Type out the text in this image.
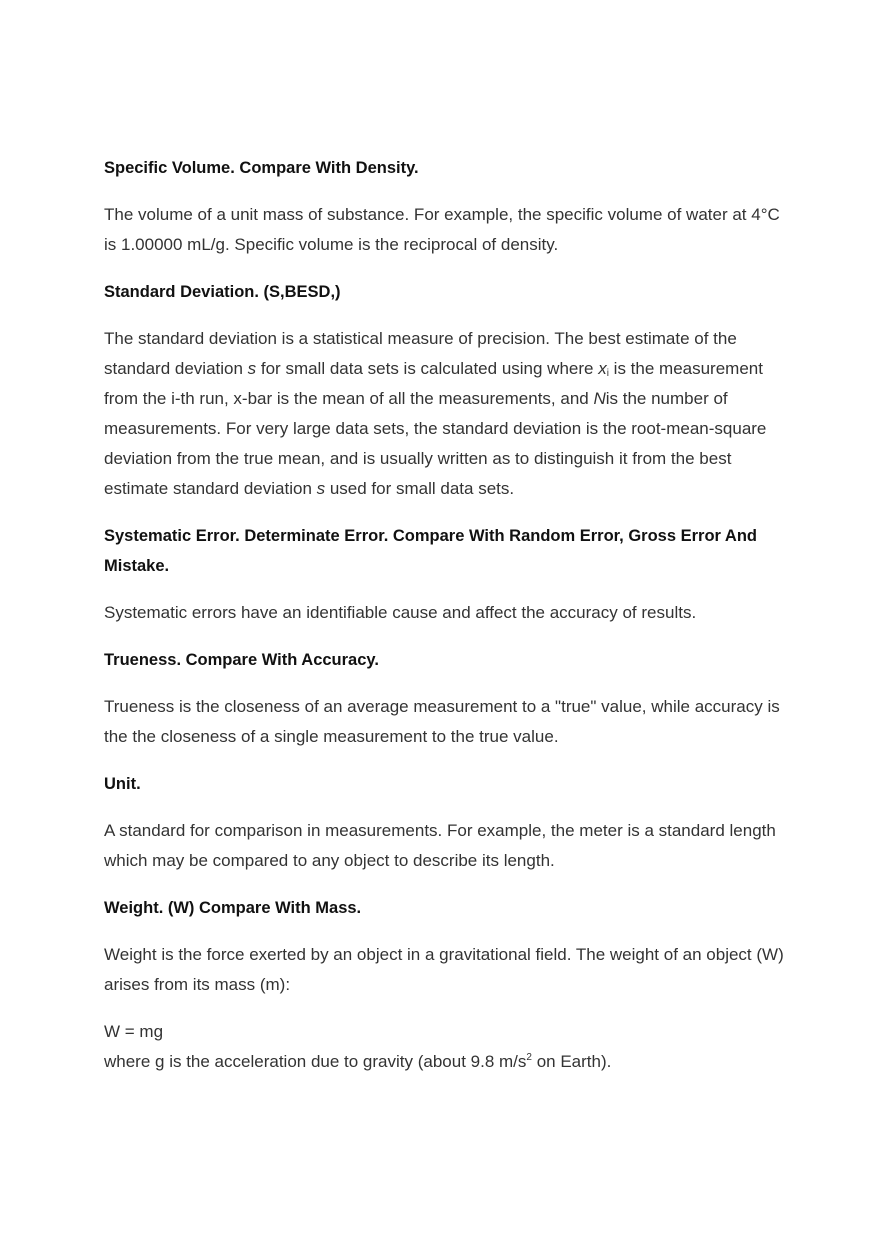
Specific Volume. Compare With Density.
The volume of a unit mass of substance. For example, the specific volume of water at 4°C is 1.00000 mL/g. Specific volume is the reciprocal of density.
Standard Deviation. (S,BESD,)
The standard deviation is a statistical measure of precision. The best estimate of the standard deviation s for small data sets is calculated using where $x_i$ is the measurement from the i-th run, x-bar is the mean of all the measurements, and Nis the number of measurements. For very large data sets, the standard deviation is the root-mean-square deviation from the true mean, and is usually written as to distinguish it from the best estimate standard deviation s used for small data sets.
Systematic Error. Determinate Error. Compare With Random Error, Gross Error And Mistake.
Systematic errors have an identifiable cause and affect the accuracy of results.
Trueness. Compare With Accuracy.
Trueness is the closeness of an average measurement to a "true" value, while accuracy is the the closeness of a single measurement to the true value.
Unit.
A standard for comparison in measurements. For example, the meter is a standard length which may be compared to any object to describe its length.
Weight. (W) Compare With Mass.
Weight is the force exerted by an object in a gravitational field. The weight of an object (W) arises from its mass (m):
W = mg
where g is the acceleration due to gravity (about 9.8 $m/s^2$ on Earth).
